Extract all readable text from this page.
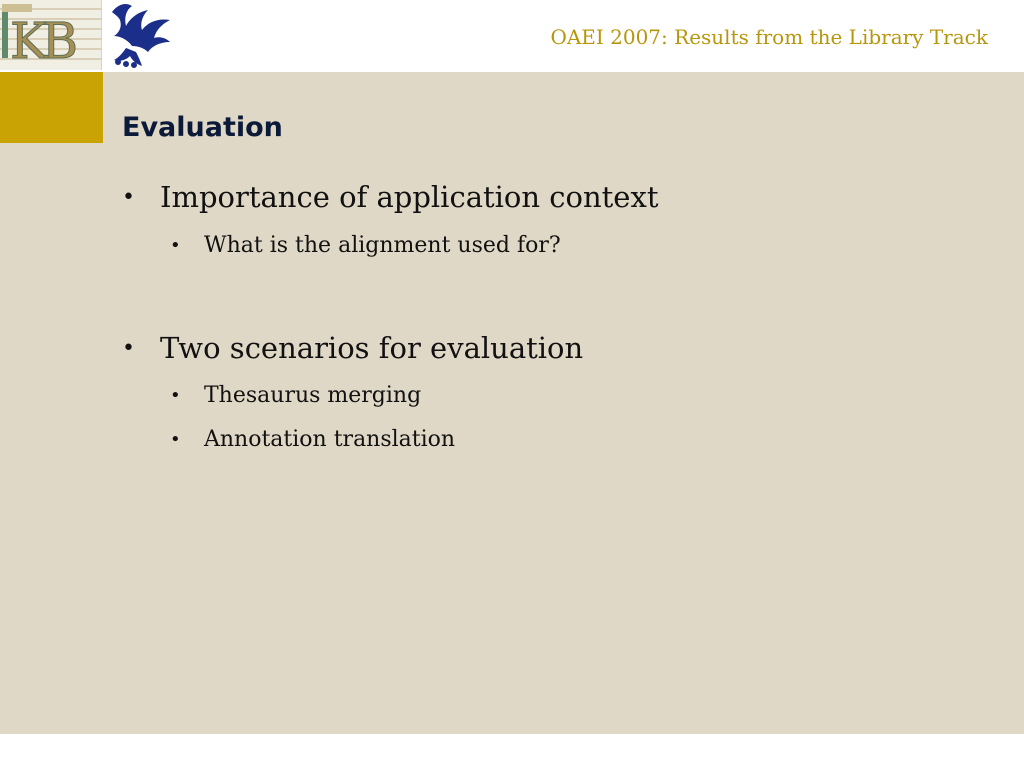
KB	OAEI 2007: Results from the Library Track
Evaluation
• Importance of application context
• What is the alignment used for?
• Two scenarios for evaluation
• Thesaurus merging
• Annotation translation
